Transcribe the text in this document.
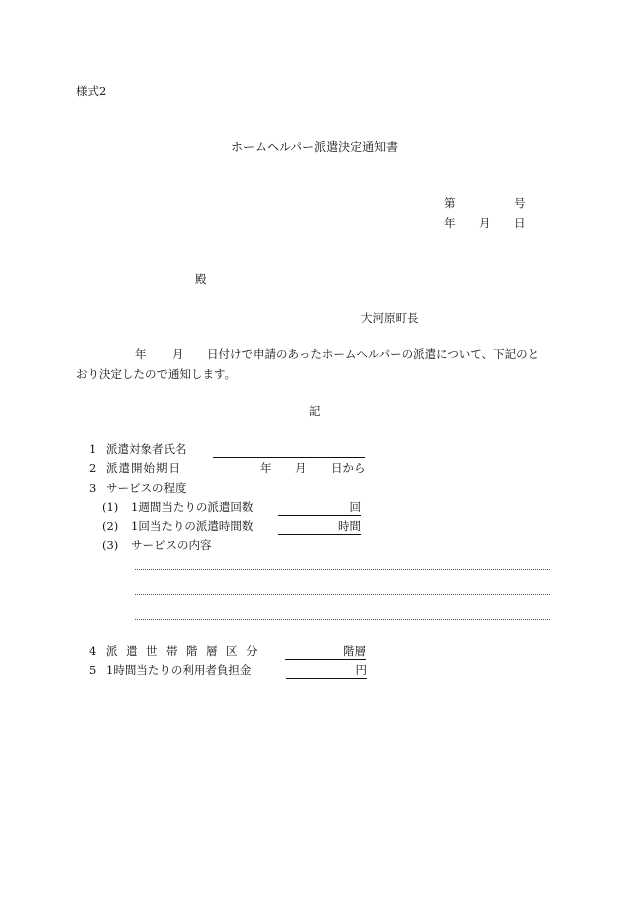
様式2
ホームヘルパー派遣決定通知書
第	号
年 月 日
殿
大河原町長
年 月 日付けで申請のあったホームヘルパーの派遣について、下記のと
おり決定したので通知します。
記
1 派遣対象者氏名
2 派遣開始期日	年 月 日から
3 サービスの程度
(1) 1週間当たりの派遣回数	回
(2) 1回当たりの派遣時間数	時間
(3) サービスの内容
4 派遣世帯階層区分	階層
5 1時間当たりの利用者負担金	円
